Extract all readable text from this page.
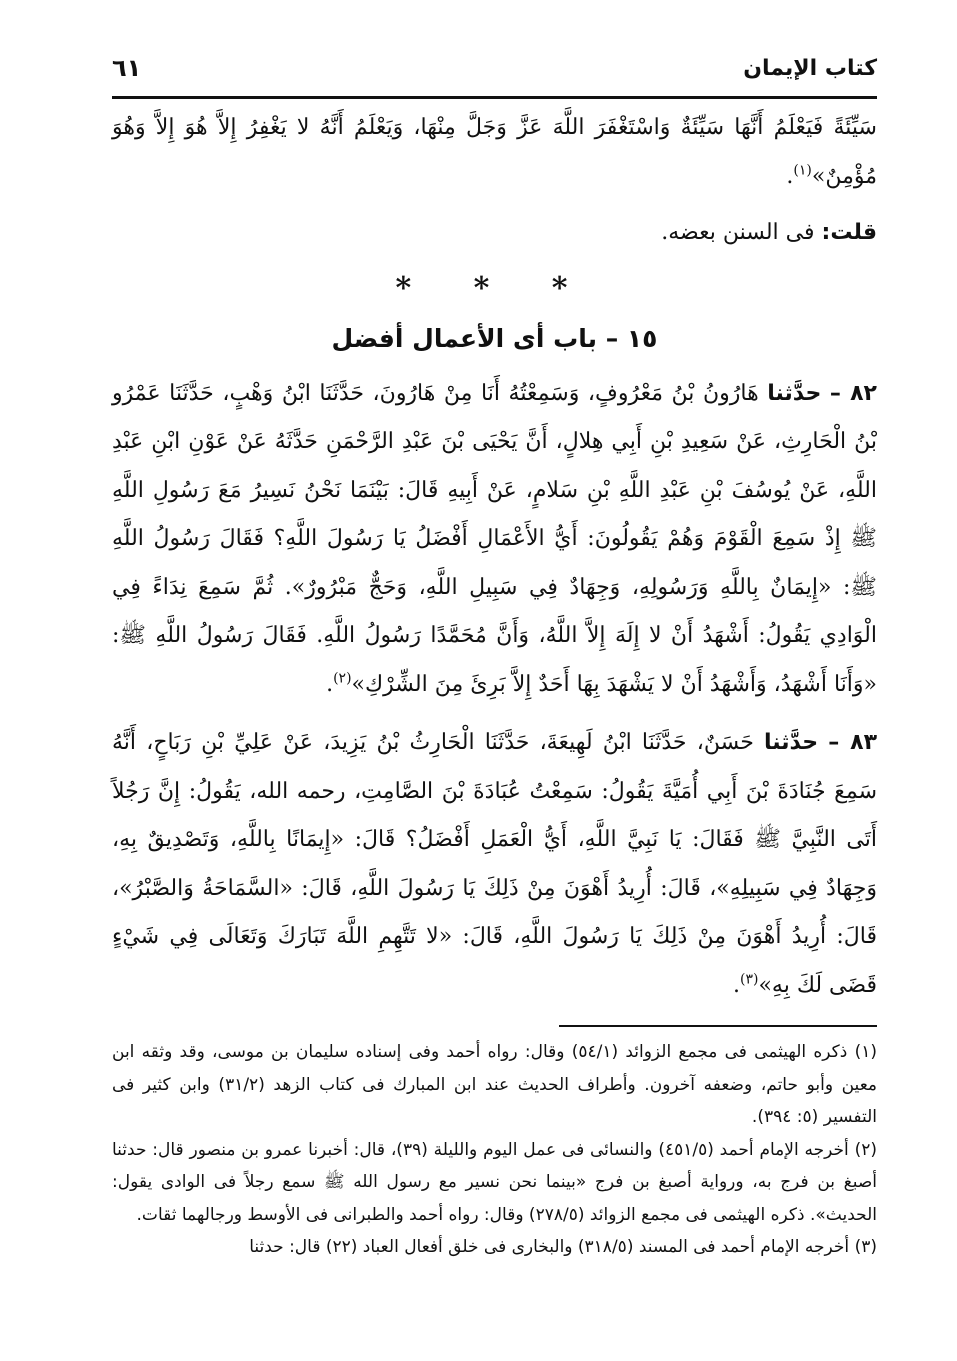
كتاب الإيمان
٦١

سَيِّئَةً فَيَعْلَمُ أَنَّهَا سَيِّئَةٌ وَاسْتَغْفَرَ اللَّهَ عَزَّ وَجَلَّ مِنْهَا، وَيَعْلَمُ أَنَّهُ لا يَغْفِرُ إِلاَّ هُوَ إِلاَّ وَهُوَ مُؤْمِنٌ»$^{(١)}$.

قلت: فى السنن بعضه.

* * *

١٥ – باب أى الأعمال أفضل

٨٢ – حدَّثنا هَارُونُ بْنُ مَعْرُوفٍ، وَسَمِعْتُهُ أَنَا مِنْ هَارُونَ، حَدَّثَنَا ابْنُ وَهْبٍ، حَدَّثَنَا عَمْرُو بْنُ الْحَارِثِ، عَنْ سَعِيدِ بْنِ أَبِي هِلالٍ، أَنَّ يَحْيَى بْنَ عَبْدِ الرَّحْمَنِ حَدَّثَهُ عَنْ عَوْنِ ابْنِ عَبْدِ اللَّهِ، عَنْ يُوسُفَ بْنِ عَبْدِ اللَّهِ بْنِ سَلامٍ، عَنْ أَبِيهِ قَالَ: بَيْنَمَا نَحْنُ نَسِيرُ مَعَ رَسُولِ اللَّهِ ﷺ إِذْ سَمِعَ الْقَوْمَ وَهُمْ يَقُولُونَ: أَيُّ الأَعْمَالِ أَفْضَلُ يَا رَسُولَ اللَّهِ؟ فَقَالَ رَسُولُ اللَّهِ ﷺ: «إِيمَانٌ بِاللَّهِ وَرَسُولِهِ، وَجِهَادٌ فِي سَبِيلِ اللَّهِ، وَحَجٌّ مَبْرُورٌ». ثُمَّ سَمِعَ نِدَاءً فِي الْوَادِي يَقُولُ: أَشْهَدُ أَنْ لا إِلَهَ إِلاَّ اللَّهُ، وَأَنَّ مُحَمَّدًا رَسُولُ اللَّهِ. فَقَالَ رَسُولُ اللَّهِ ﷺ: «وَأَنَا أَشْهَدُ، وَأَشْهَدُ أَنْ لا يَشْهَدَ بِهَا أَحَدٌ إِلاَّ بَرِئَ مِنَ الشِّرْكِ»$^{(٢)}$.

٨٣ – حدَّثنا حَسَنٌ، حَدَّثَنَا ابْنُ لَهِيعَةَ، حَدَّثَنَا الْحَارِثُ بْنُ يَزِيدَ، عَنْ عَلِيِّ بْنِ رَبَاحٍ، أَنَّهُ سَمِعَ جُنَادَةَ بْنَ أَبِي أُمَيَّةَ يَقُولُ: سَمِعْتُ عُبَادَةَ بْنَ الصَّامِتِ، رحمه الله، يَقُولُ: إِنَّ رَجُلاً أَتَى النَّبِيَّ ﷺ فَقَالَ: يَا نَبِيَّ اللَّهِ، أَيُّ الْعَمَلِ أَفْضَلُ؟ قَالَ: «إِيمَانًا بِاللَّهِ، وَتَصْدِيقٌ بِهِ، وَجِهَادٌ فِي سَبِيلِهِ»، قَالَ: أُرِيدُ أَهْوَنَ مِنْ ذَلِكَ يَا رَسُولَ اللَّهِ، قَالَ: «السَّمَاحَةُ وَالصَّبْرُ»، قَالَ: أُرِيدُ أَهْوَنَ مِنْ ذَلِكَ يَا رَسُولَ اللَّهِ، قَالَ: «لا تَتَّهِمِ اللَّهَ تَبَارَكَ وَتَعَالَى فِي شَيْءٍ قَضَى لَكَ بِهِ»$^{(٣)}$.

(١) ذكره الهيثمى فى مجمع الزوائد (٥٤/١) وقال: رواه أحمد وفى إسناده سليمان بن موسى، وقد وثقه ابن معين وأبو حاتم، وضعفه آخرون. وأطراف الحديث عند ابن المبارك فى كتاب الزهد (٣١/٢) وابن كثير فى التفسير (٥: ٣٩٤).

(٢) أخرجه الإمام أحمد (٤٥١/٥) والنسائى فى عمل اليوم والليلة (٣٩)، قال: أخبرنا عمرو بن منصور قال: حدثنا أصبغ بن فرج به، ورواية أصبغ بن فرج «بينما نحن نسير مع رسول الله ﷺ سمع رجلاً فى الوادى يقول: الحديث». ذكره الهيثمى فى مجمع الزوائد (٢٧٨/٥) وقال: رواه أحمد والطبرانى فى الأوسط ورجالهما ثقات.

(٣) أخرجه الإمام أحمد فى المسند (٣١٨/٥) والبخارى فى خلق أفعال العباد (٢٢) قال: حدثنا
